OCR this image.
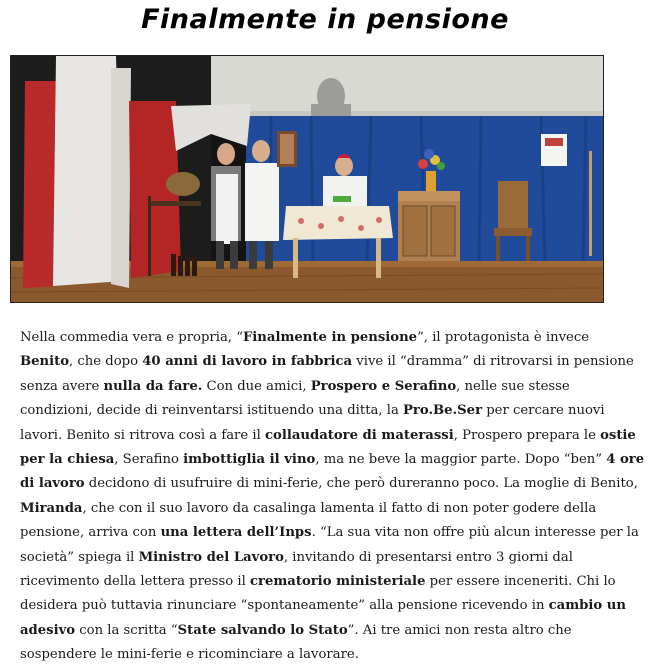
Finalmente in pensione

Nella commedia vera e propria, “Finalmente in pensione”, il protagonista è invece Benito, che dopo 40 anni di lavoro in fabbrica vive il “dramma” di ritrovarsi in pensione senza avere nulla da fare. Con due amici, Prospero e Serafino, nelle sue stesse condizioni, decide di reinventarsi istituendo una ditta, la Pro.Be.Ser per cercare nuovi lavori. Benito si ritrova così a fare il collaudatore di materassi, Prospero prepara le ostie per la chiesa, Serafino imbottiglia il vino, ma ne beve la maggior parte. Dopo “ben” 4 ore di lavoro decidono di usufruire di mini-ferie, che però dureranno poco. La moglie di Benito, Miranda, che con il suo lavoro da casalinga lamenta il fatto di non poter godere della pensione, arriva con una lettera dell’Inps. “La sua vita non offre più alcun interesse per la società” spiega il Ministro del Lavoro, invitando di presentarsi entro 3 giorni dal ricevimento della lettera presso il crematorio ministeriale per essere inceneriti. Chi lo desidera può tuttavia rinunciare “spontaneamente” alla pensione ricevendo in cambio un adesivo con la scritta “State salvando lo Stato”. Ai tre amici non resta altro che sospendere le mini-ferie e ricominciare a lavorare.
